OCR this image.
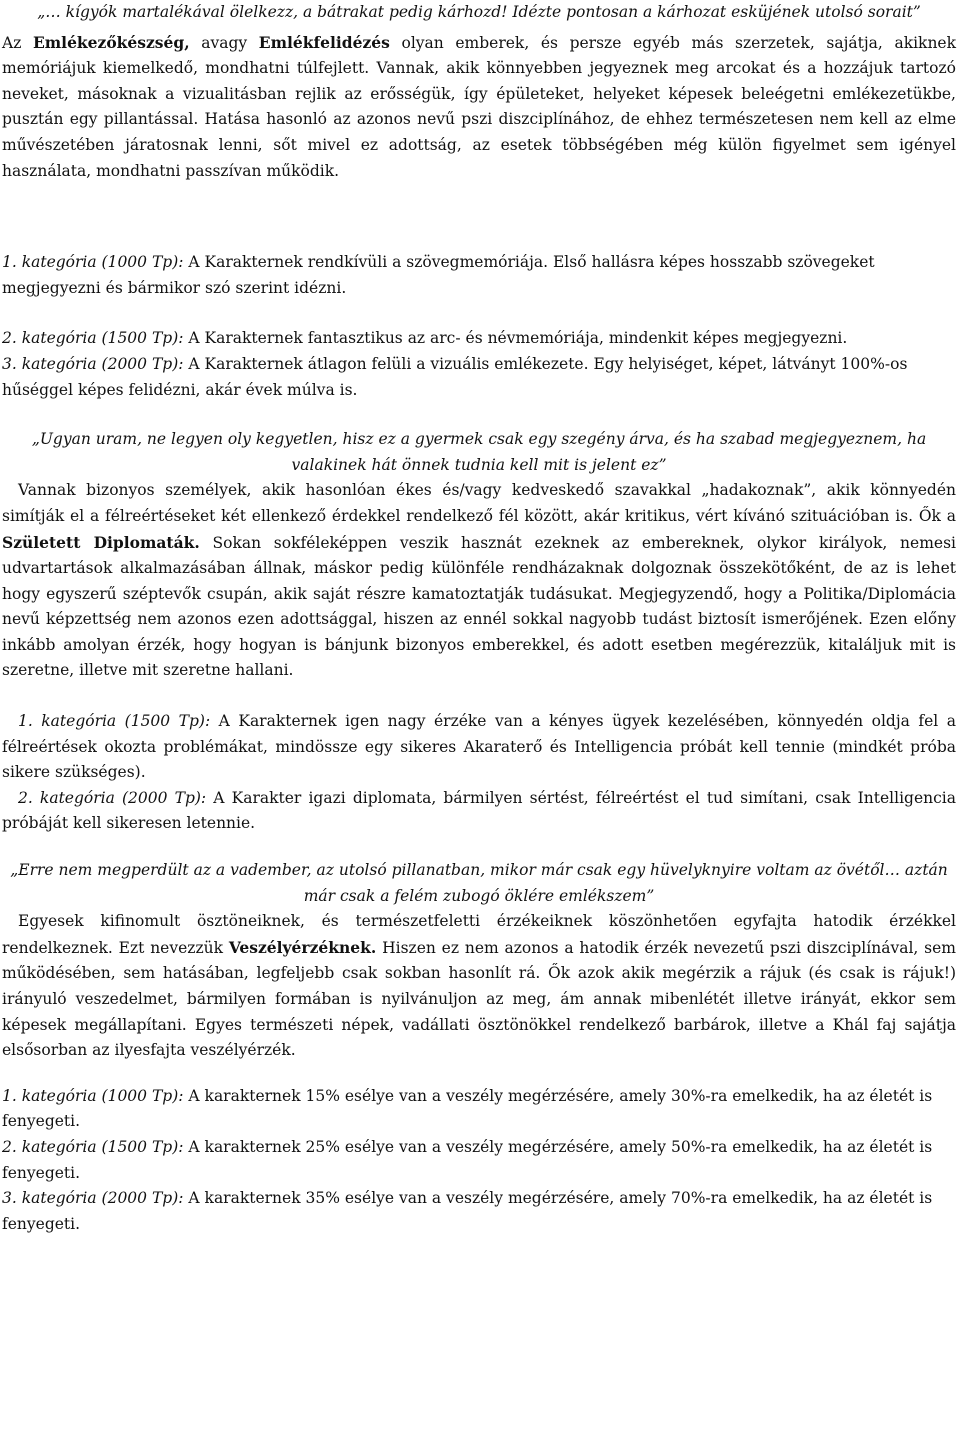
„… kígyók martalékával ölelkezz, a bátrakat pedig kárhozd! Idézte pontosan a kárhozat esküjének utolsó sorait”
Az Emlékezőkészség, avagy Emlékfelidézés olyan emberek, és persze egyéb más szerzetek, sajátja, akiknek memóriájuk kiemelkedő, mondhatni túlfejlett. Vannak, akik könnyebben jegyeznek meg arcokat és a hozzájuk tartozó neveket, másoknak a vizualitásban rejlik az erősségük, így épületeket, helyeket képesek beleégetni emlékezetükbe, pusztán egy pillantással. Hatása hasonló az azonos nevű pszi diszciplínához, de ehhez természetesen nem kell az elme művészetében járatosnak lenni, sőt mivel ez adottság, az esetek többségében még külön figyelmet sem igényel használata, mondhatni passzívan működik.
1. kategória (1000 Tp): A Karakternek rendkívüli a szövegmemóriája. Első hallásra képes hosszabb szövegeket megjegyezni és bármikor szó szerint idézni.
2. kategória (1500 Tp): A Karakternek fantasztikus az arc- és névmemóriája, mindenkit képes megjegyezni.
3. kategória (2000 Tp): A Karakternek átlagon felüli a vizuális emlékezete. Egy helyiséget, képet, látványt 100%-os hűséggel képes felidézni, akár évek múlva is.
„Ugyan uram, ne legyen oly kegyetlen, hisz ez a gyermek csak egy szegény árva, és ha szabad megjegyeznem, ha valakinek hát önnek tudnia kell mit is jelent ez”
Vannak bizonyos személyek, akik hasonlóan ékes és/vagy kedveskedő szavakkal „hadakoznak”, akik könnyedén simítják el a félreértéseket két ellenkező érdekkel rendelkező fél között, akár kritikus, vért kívánó szituációban is. Ők a Született Diplomaták. Sokan sokféleképpen veszik hasznát ezeknek az embereknek, olykor királyok, nemesi udvartartások alkalmazásában állnak, máskor pedig különféle rendházaknak dolgoznak összekötőként, de az is lehet hogy egyszerű széptevők csupán, akik saját részre kamatoztatják tudásukat. Megjegyzendő, hogy a Politika/Diplomácia nevű képzettség nem azonos ezen adottsággal, hiszen az ennél sokkal nagyobb tudást biztosít ismerőjének. Ezen előny inkább amolyan érzék, hogy hogyan is bánjunk bizonyos emberekkel, és adott esetben megérezzük, kitaláljuk mit is szeretne, illetve mit szeretne hallani.
1. kategória (1500 Tp): A Karakternek igen nagy érzéke van a kényes ügyek kezelésében, könnyedén oldja fel a félreértések okozta problémákat, mindössze egy sikeres Akaraterő és Intelligencia próbát kell tennie (mindkét próba sikere szükséges).
2. kategória (2000 Tp): A Karakter igazi diplomata, bármilyen sértést, félreértést el tud simítani, csak Intelligencia próbáját kell sikeresen letennie.
„Erre nem megperdült az a vadember, az utolsó pillanatban, mikor már csak egy hüvelyknyire voltam az övétől… aztán már csak a felém zubogó öklére emlékszem”
Egyesek kifinomult ösztöneiknek, és természetfeletti érzékeiknek köszönhetően egyfajta hatodik érzékkel rendelkeznek. Ezt nevezzük Veszélyérzéknek. Hiszen ez nem azonos a hatodik érzék nevezetű pszi diszciplínával, sem működésében, sem hatásában, legfeljebb csak sokban hasonlít rá. Ők azok akik megérzik a rájuk (és csak is rájuk!) irányuló veszedelmet, bármilyen formában is nyilvánuljon az meg, ám annak mibenlétét illetve irányát, ekkor sem képesek megállapítani. Egyes természeti népek, vadállati ösztönökkel rendelkező barbárok, illetve a Khál faj sajátja elsősorban az ilyesfajta veszélyérzék.
1. kategória (1000 Tp): A karakternek 15% esélye van a veszély megérzésére, amely 30%-ra emelkedik, ha az életét is fenyegeti.
2. kategória (1500 Tp): A karakternek 25% esélye van a veszély megérzésére, amely 50%-ra emelkedik, ha az életét is fenyegeti.
3. kategória (2000 Tp): A karakternek 35% esélye van a veszély megérzésére, amely 70%-ra emelkedik, ha az életét is fenyegeti.
